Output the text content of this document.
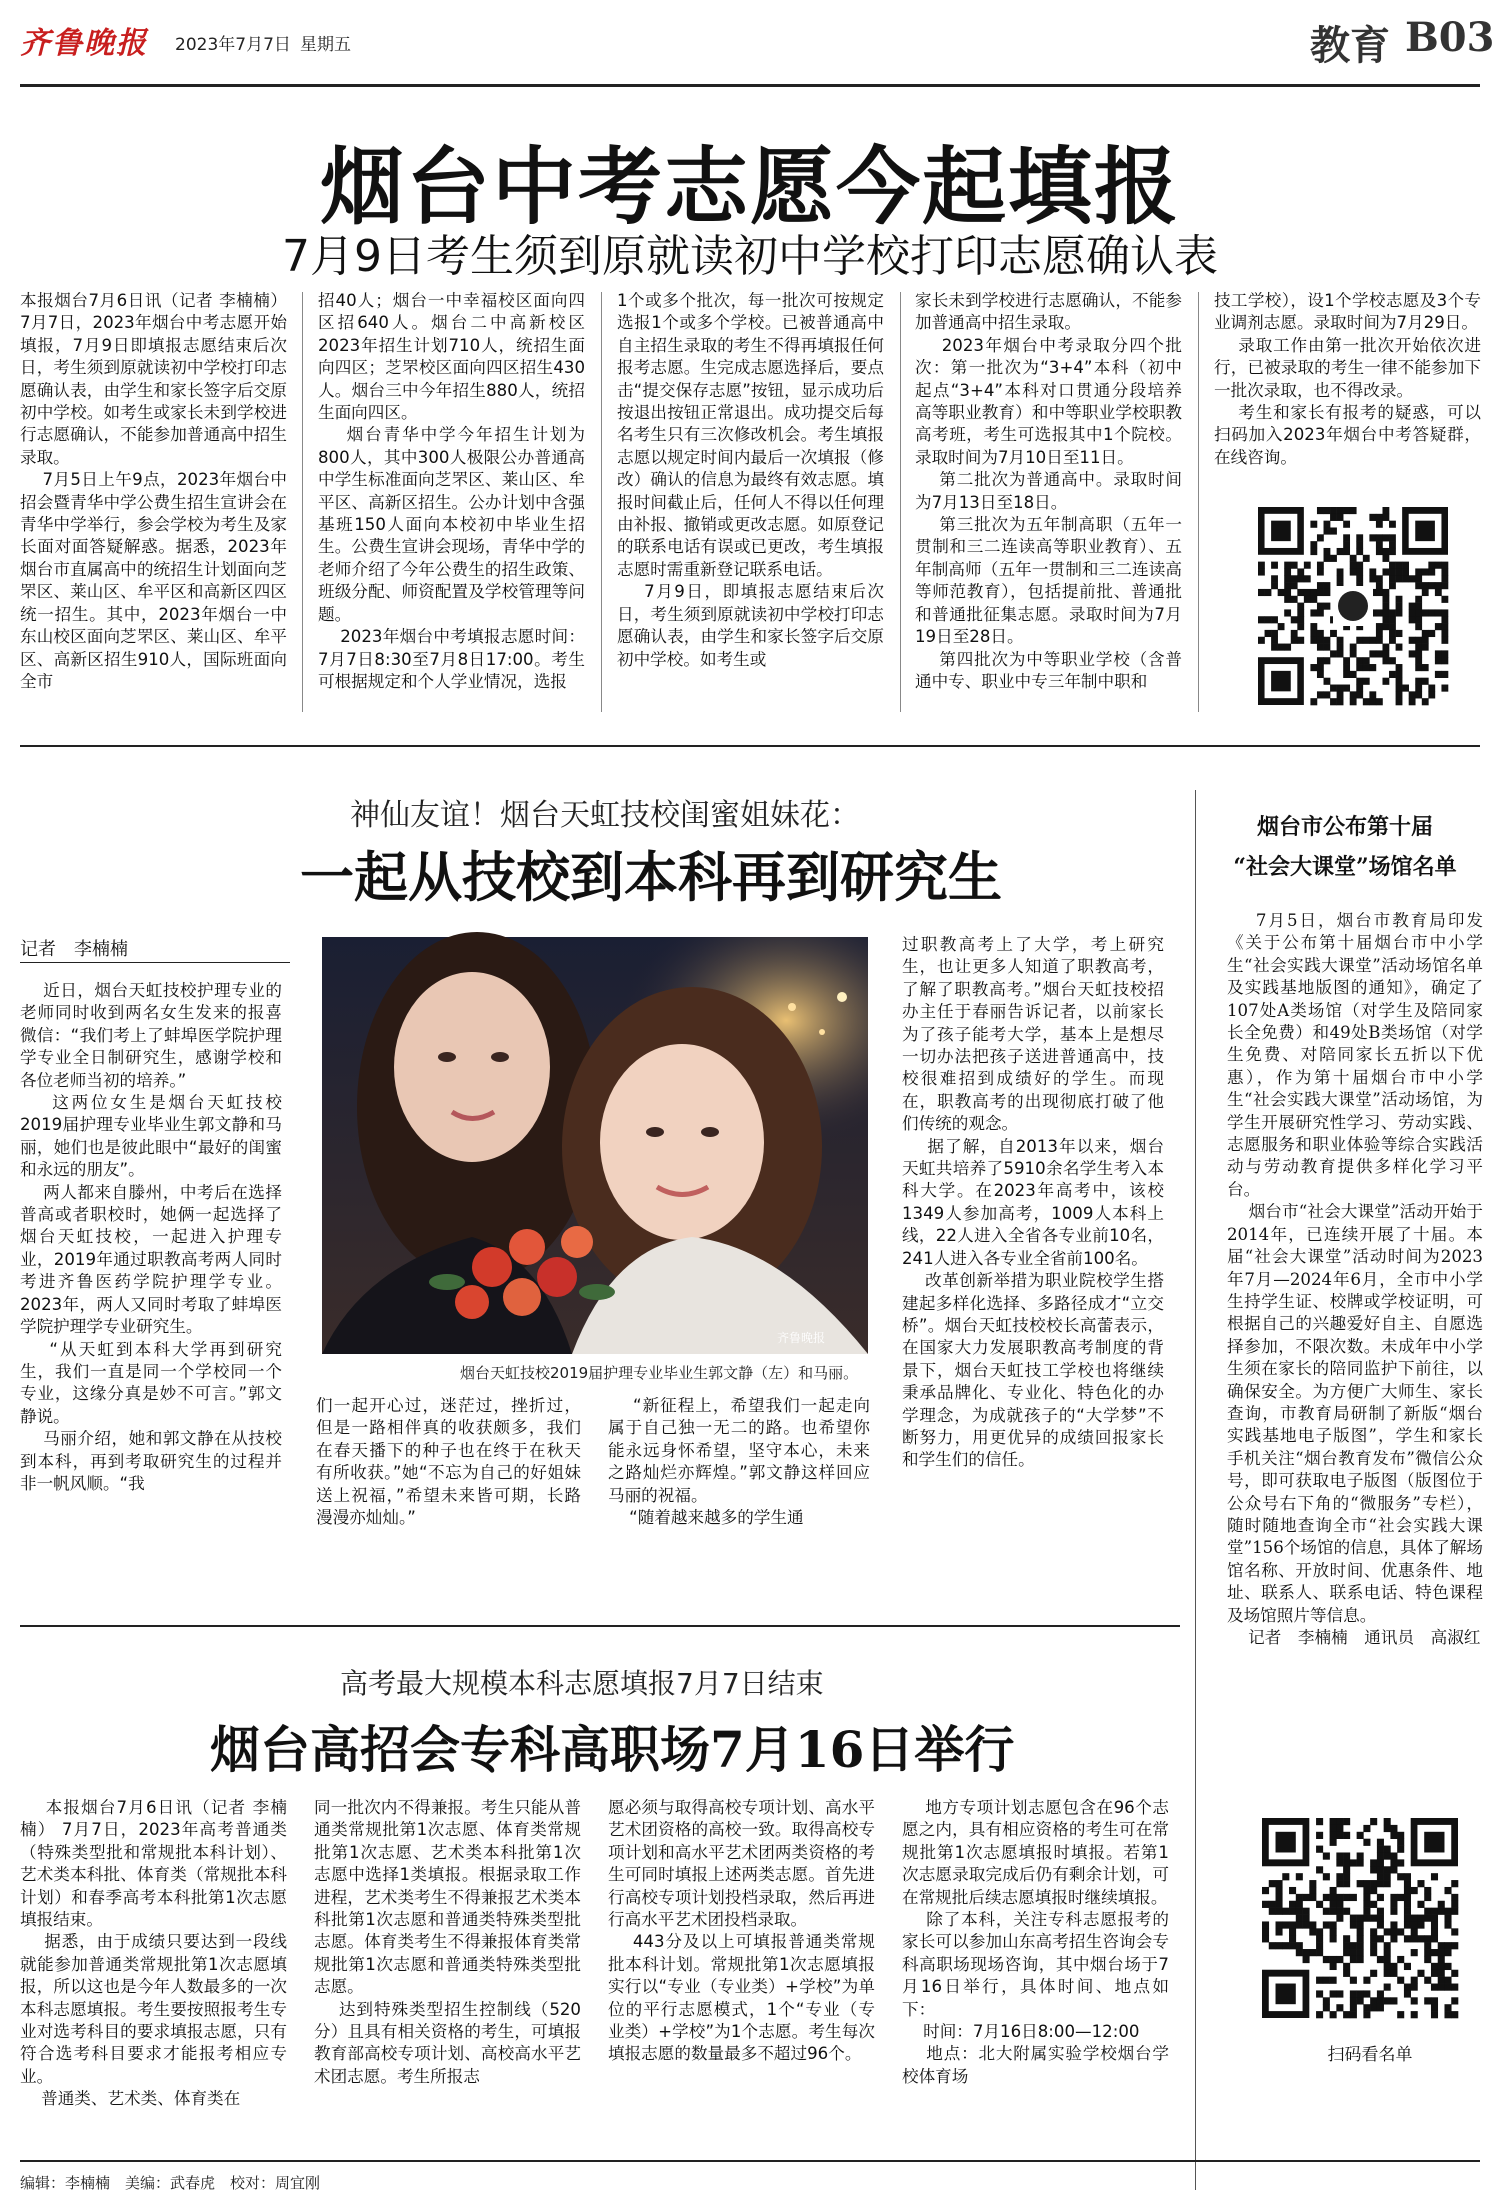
齐鲁晚报 2023年7月7日 星期五	教育 B03
烟台中考志愿今起填报
7月9日考生须到原就读初中学校打印志愿确认表
本报烟台7月6日讯（记者 李楠楠） 7月7日，2023年烟台中考志愿开始填报，7月9日即填报志愿结束后次日，考生须到原就读初中学校打印志愿确认表，由学生和家长签字后交原初中学校。如考生或家长未到学校进行志愿确认，不能参加普通高中招生录取。
7月5日上午9点，2023年烟台中招会暨青华中学公费生招生宣讲会在青华中学举行，参会学校为考生及家长面对面答疑解惑。据悉，2023年烟台市直属高中的统招生计划面向芝罘区、莱山区、牟平区和高新区四区统一招生。其中，2023年烟台一中东山校区面向芝罘区、莱山区、牟平区、高新区招生910人，国际班面向全市
招40人；烟台一中幸福校区面向四区招640人。烟台二中高新校区2023年招生计划710人，统招生面向四区；芝罘校区面向四区招生430人。烟台三中今年招生880人，统招生面向四区。
烟台青华中学今年招生计划为800人，其中300人极限公办普通高中学生标准面向芝罘区、莱山区、牟平区、高新区招生。公办计划中含强基班150人面向本校初中毕业生招生。公费生宣讲会现场，青华中学的老师介绍了今年公费生的招生政策、班级分配、师资配置及学校管理等问题。
2023年烟台中考填报志愿时间：7月7日8:30至7月8日17:00。考生可根据规定和个人学业情况，选报
1个或多个批次，每一批次可按规定选报1个或多个学校。已被普通高中自主招生录取的考生不得再填报任何报考志愿。生完成志愿选择后，要点击“提交保存志愿”按钮，显示成功后按退出按钮正常退出。成功提交后每名考生只有三次修改机会。考生填报志愿以规定时间内最后一次填报（修改）确认的信息为最终有效志愿。填报时间截止后，任何人不得以任何理由补报、撤销或更改志愿。如原登记的联系电话有误或已更改，考生填报志愿时需重新登记联系电话。
7月9日，即填报志愿结束后次日，考生须到原就读初中学校打印志愿确认表，由学生和家长签字后交原初中学校。如考生或
家长未到学校进行志愿确认，不能参加普通高中招生录取。
2023年烟台中考录取分四个批次：第一批次为“3+4”本科（初中起点“3+4”本科对口贯通分段培养高等职业教育）和中等职业学校职教高考班，考生可选报其中1个院校。录取时间为7月10日至11日。
第二批次为普通高中。录取时间为7月13日至18日。
第三批次为五年制高职（五年一贯制和三二连读高等职业教育）、五年制高师（五年一贯制和三二连读高等师范教育），包括提前批、普通批和普通批征集志愿。录取时间为7月19日至28日。
第四批次为中等职业学校（含普通中专、职业中专三年制中职和
技工学校），设1个学校志愿及3个专业调剂志愿。录取时间为7月29日。
录取工作由第一批次开始依次进行，已被录取的考生一律不能参加下一批次录取，也不得改录。
考生和家长有报考的疑惑，可以扫码加入2023年烟台中考答疑群，在线咨询。
神仙友谊！烟台天虹技校闺蜜姐妹花：
一起从技校到本科再到研究生
记者　李楠楠
近日，烟台天虹技校护理专业的老师同时收到两名女生发来的报喜微信：“我们考上了蚌埠医学院护理学专业全日制研究生，感谢学校和各位老师当初的培养。”
这两位女生是烟台天虹技校2019届护理专业毕业生郭文静和马丽，她们也是彼此眼中“最好的闺蜜和永远的朋友”。
两人都来自滕州，中考后在选择普高或者职校时，她俩一起选择了烟台天虹技校，一起进入护理专业，2019年通过职教高考两人同时考进齐鲁医药学院护理学专业。2023年，两人又同时考取了蚌埠医学院护理学专业研究生。
“从天虹到本科大学再到研究生，我们一直是同一个学校同一个专业，这缘分真是妙不可言。”郭文静说。
马丽介绍，她和郭文静在从技校到本科，再到考取研究生的过程并非一帆风顺。“我
们一起开心过，迷茫过，挫折过，但是一路相伴真的收获颇多，我们在春天播下的种子也在终于在秋天有所收获。”她“不忘为自己的好姐妹送上祝福，”希望未来皆可期，长路漫漫亦灿灿。”
“新征程上，希望我们一起走向属于自己独一无二的路。也希望你能永远身怀希望，坚守本心，未来之路灿烂亦辉煌。”郭文静这样回应马丽的祝福。
“随着越来越多的学生通
过职教高考上了大学，考上研究生，也让更多人知道了职教高考，了解了职教高考。”烟台天虹技校招办主任于春丽告诉记者，以前家长为了孩子能考大学，基本上是想尽一切办法把孩子送进普通高中，技校很难招到成绩好的学生。而现在，职教高考的出现彻底打破了他们传统的观念。
据了解，自2013年以来，烟台天虹共培养了5910余名学生考入本科大学。在2023年高考中，该校1349人参加高考，1009人本科上线，22人进入全省各专业前10名，241人进入各专业全省前100名。
改革创新举措为职业院校学生搭建起多样化选择、多路径成才“立交桥”。烟台天虹技校校长高蕾表示，在国家大力发展职教高考制度的背景下，烟台天虹技工学校也将继续秉承品牌化、专业化、特色化的办学理念，为成就孩子的“大学梦”不断努力，用更优异的成绩回报家长和学生们的信任。
齐鲁晚报
烟台天虹技校2019届护理专业毕业生郭文静（左）和马丽。
烟台市公布第十届
“社会大课堂”场馆名单
7月5日，烟台市教育局印发《关于公布第十届烟台市中小学生“社会实践大课堂”活动场馆名单及实践基地版图的通知》，确定了107处A类场馆（对学生及陪同家长全免费）和49处B类场馆（对学生免费、对陪同家长五折以下优惠），作为第十届烟台市中小学生“社会实践大课堂”活动场馆，为学生开展研究性学习、劳动实践、志愿服务和职业体验等综合实践活动与劳动教育提供多样化学习平台。
烟台市“社会大课堂”活动开始于2014年，已连续开展了十届。本届“社会大课堂”活动时间为2023年7月—2024年6月，全市中小学生持学生证、校牌或学校证明，可根据自己的兴趣爱好自主、自愿选择参加，不限次数。未成年中小学生须在家长的陪同监护下前往，以确保安全。为方便广大师生、家长查询，市教育局研制了新版“烟台实践基地电子版图”，学生和家长手机关注“烟台教育发布”微信公众号，即可获取电子版图（版图位于公众号右下角的“微服务”专栏），随时随地查询全市“社会实践大课堂”156个场馆的信息，具体了解场馆名称、开放时间、优惠条件、地址、联系人、联系电话、特色课程及场馆照片等信息。
记者　李楠楠　通讯员　高淑红
扫码看名单
高考最大规模本科志愿填报7月7日结束
烟台高招会专科高职场7月16日举行
本报烟台7月6日讯（记者 李楠楠） 7月7日，2023年高考普通类（特殊类型批和常规批本科计划）、艺术类本科批、体育类（常规批本科计划）和春季高考本科批第1次志愿填报结束。
据悉，由于成绩只要达到一段线就能参加普通类常规批第1次志愿填报，所以这也是今年人数最多的一次本科志愿填报。考生要按照报考生专业对选考科目的要求填报志愿，只有符合选考科目要求才能报考相应专业。
普通类、艺术类、体育类在
同一批次内不得兼报。考生只能从普通类常规批第1次志愿、体育类常规批第1次志愿、艺术类本科批第1次志愿中选择1类填报。根据录取工作进程，艺术类考生不得兼报艺术类本科批第1次志愿和普通类特殊类型批志愿。体育类考生不得兼报体育类常规批第1次志愿和普通类特殊类型批志愿。
达到特殊类型招生控制线（520分）且具有相关资格的考生，可填报教育部高校专项计划、高校高水平艺术团志愿。考生所报志
愿必须与取得高校专项计划、高水平艺术团资格的高校一致。取得高校专项计划和高水平艺术团两类资格的考生可同时填报上述两类志愿。首先进行高校专项计划投档录取，然后再进行高水平艺术团投档录取。
443分及以上可填报普通类常规批本科计划。常规批第1次志愿填报实行以“专业（专业类）+学校”为单位的平行志愿模式，1个“专业（专业类）+学校”为1个志愿。考生每次填报志愿的数量最多不超过96个。
地方专项计划志愿包含在96个志愿之内，具有相应资格的考生可在常规批第1次志愿填报时填报。若第1次志愿录取完成后仍有剩余计划，可在常规批后续志愿填报时继续填报。
除了本科，关注专科志愿报考的家长可以参加山东高考招生咨询会专科高职场现场咨询，其中烟台场于7月16日举行，具体时间、地点如下：
时间：7月16日8:00—12:00
地点：北大附属实验学校烟台学校体育场
编辑：李楠楠　美编：武春虎　校对：周宜刚
